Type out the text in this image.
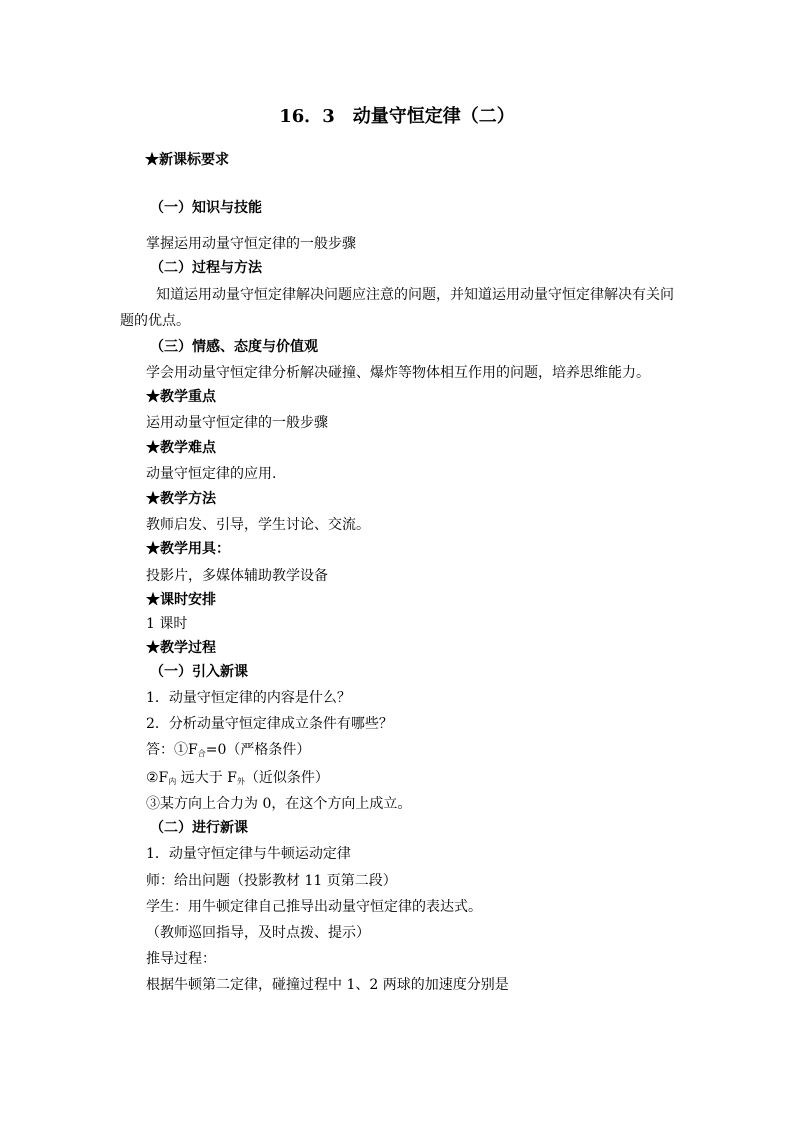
16．3　动量守恒定律（二）
★新课标要求
（一）知识与技能
掌握运用动量守恒定律的一般步骤
（二）过程与方法
知道运用动量守恒定律解决问题应注意的问题，并知道运用动量守恒定律解决有关问
题的优点。
（三）情感、态度与价值观
学会用动量守恒定律分析解决碰撞、爆炸等物体相互作用的问题，培养思维能力。
★教学重点
运用动量守恒定律的一般步骤
★教学难点
动量守恒定律的应用.
★教学方法
教师启发、引导，学生讨论、交流。
★教学用具：
投影片，多媒体辅助教学设备
★课时安排
1 课时
★教学过程
（一）引入新课
1．动量守恒定律的内容是什么？
2．分析动量守恒定律成立条件有哪些？
答：$①F_合=0$（严格条件）
$②F_内$ 远大于 $F_外$（近似条件）
③某方向上合力为 0，在这个方向上成立。
（二）进行新课
1．动量守恒定律与牛顿运动定律
师：给出问题（投影教材 11 页第二段）
学生：用牛顿定律自己推导出动量守恒定律的表达式。
（教师巡回指导，及时点拨、提示）
推导过程：
根据牛顿第二定律，碰撞过程中 1、2 两球的加速度分别是
